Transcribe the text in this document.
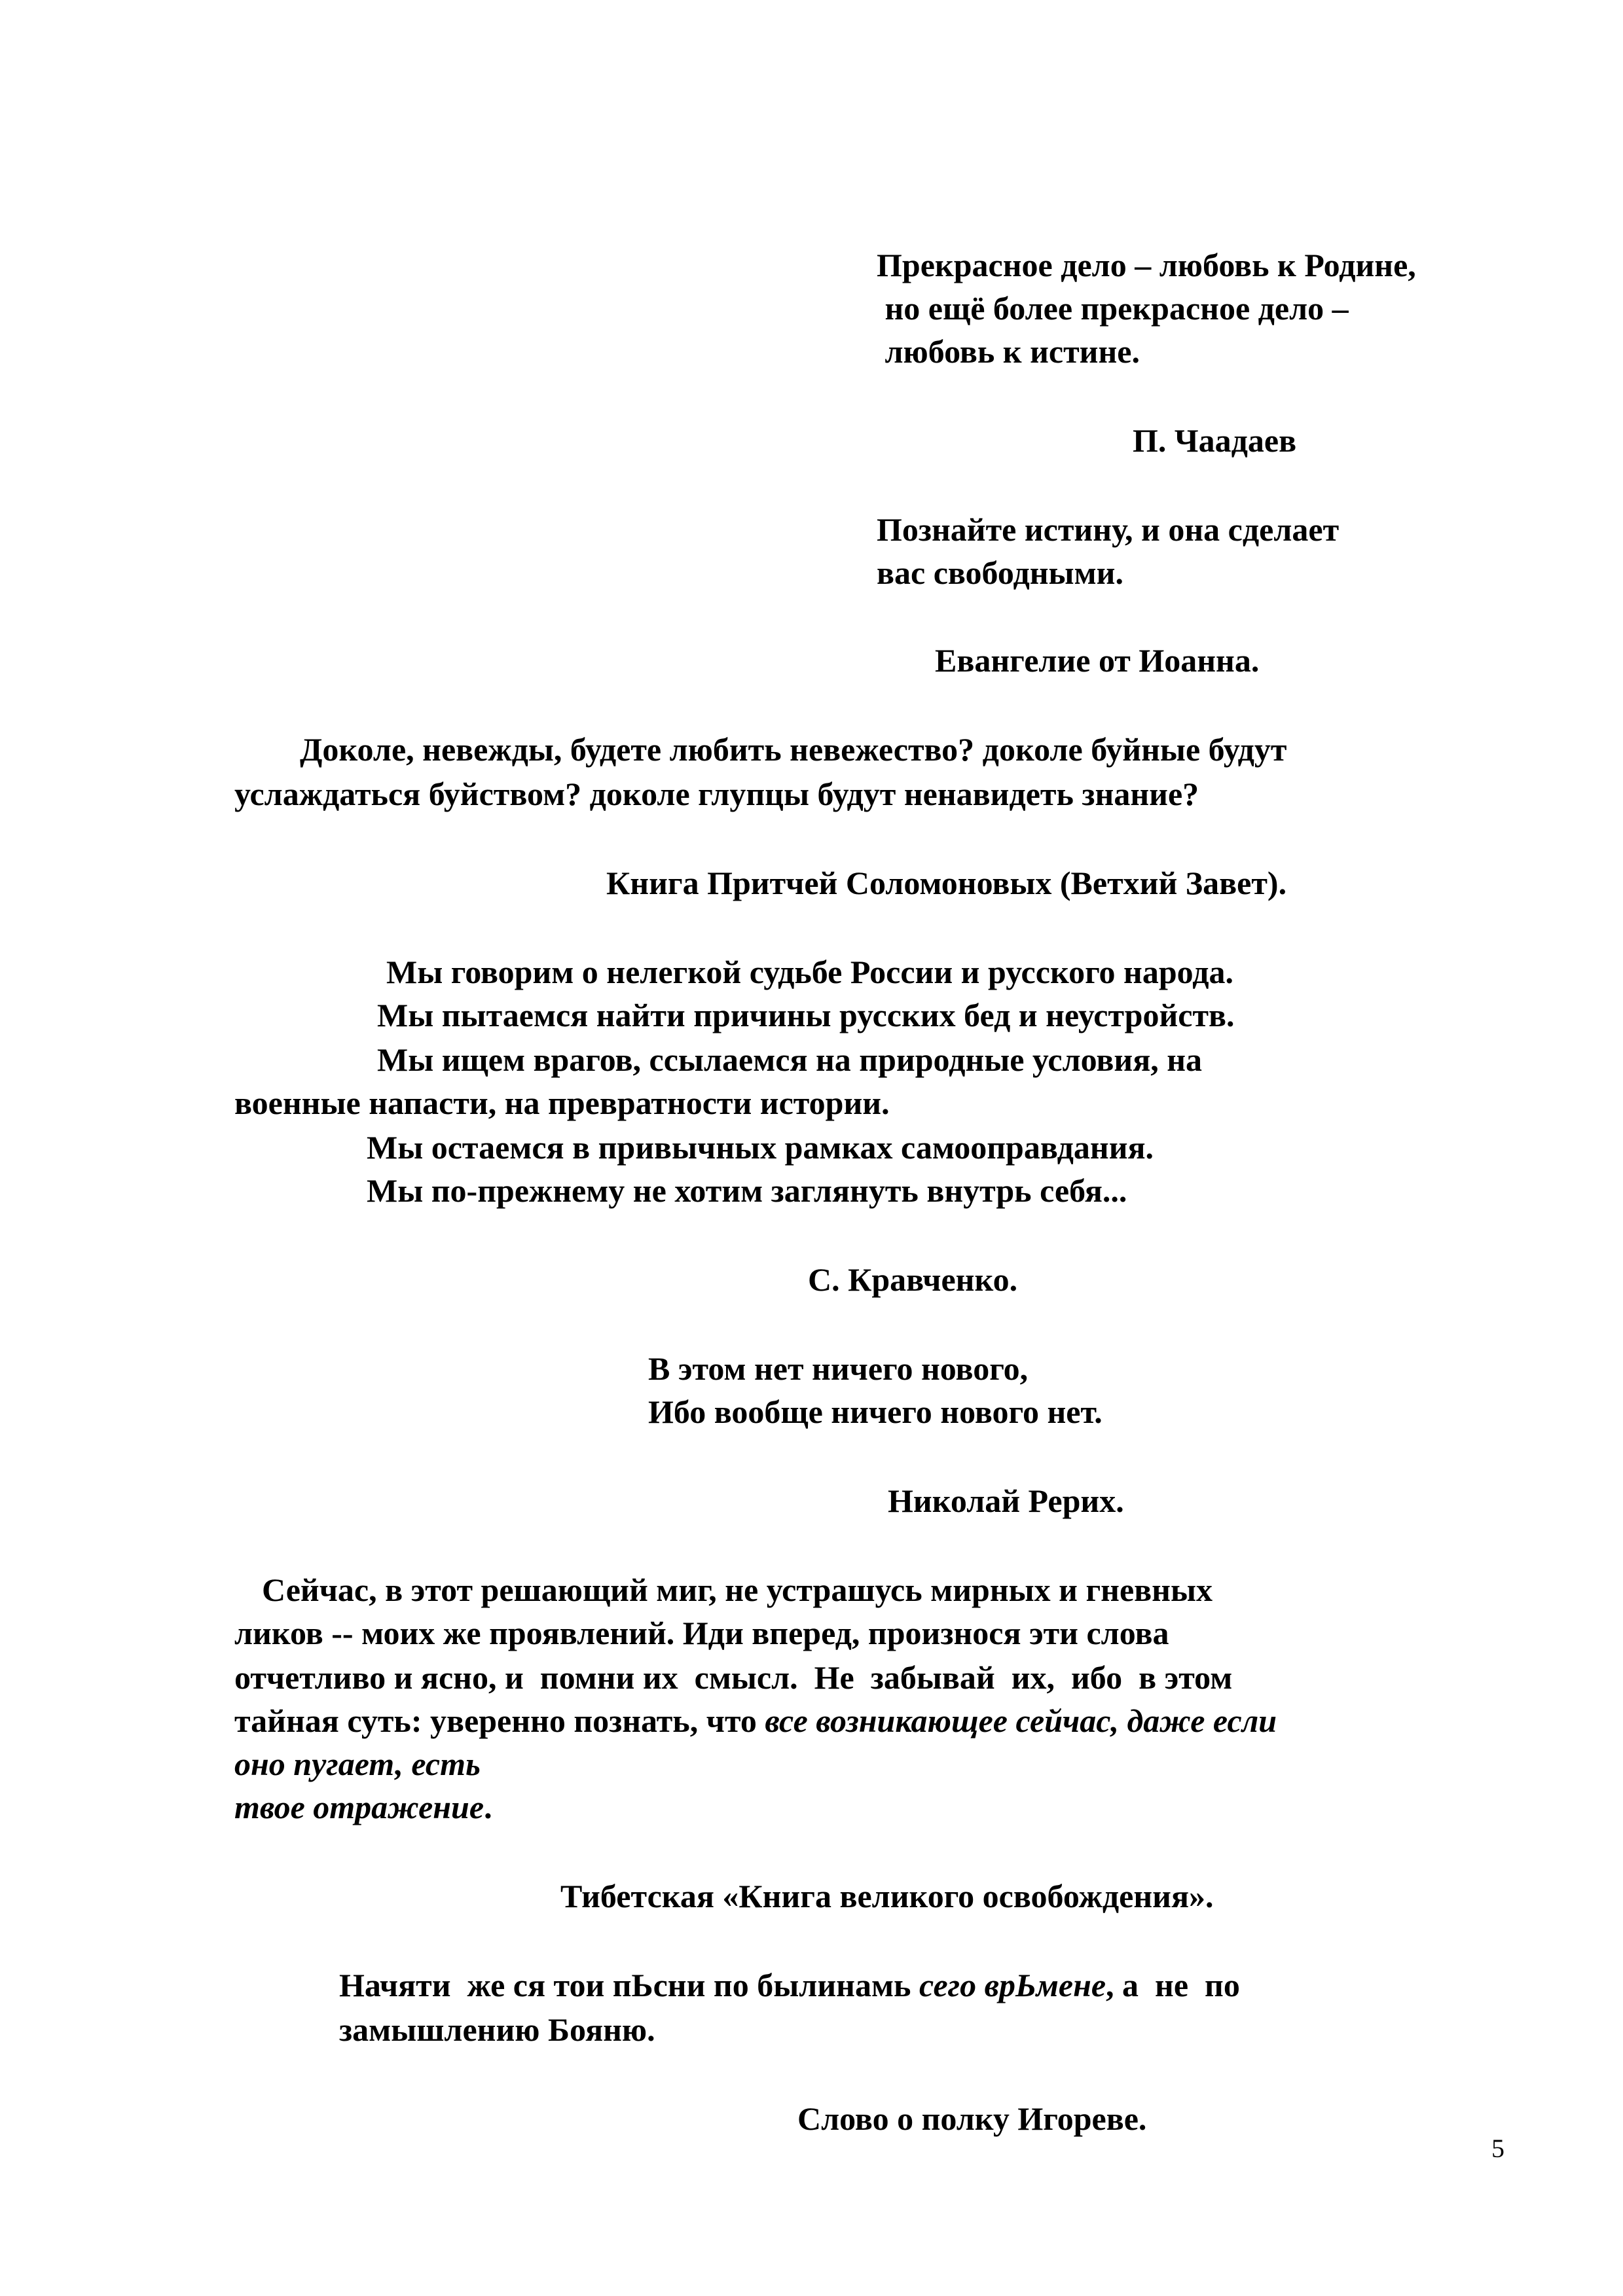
Прекрасное дело – любовь к Родине,
но ещё более прекрасное дело –
любовь к истине.
П. Чаадаев
Познайте истину, и она сделает
вас свободными.
Евангелие от Иоанна.
Доколе, невежды, будете любить невежество? доколе буйные будут
услаждаться буйством? доколе глупцы будут ненавидеть знание?
Книга Притчей Соломоновых (Ветхий Завет).
Мы говорим о нелегкой судьбе России и русского народа.
Мы пытаемся найти причины русских бед и неустройств.
Мы ищем врагов, ссылаемся на природные условия, на
военные напасти, на превратности истории.
Мы остаемся в привычных рамках самооправдания.
Мы по-прежнему не хотим заглянуть внутрь себя...
С. Кравченко.
В этом нет ничего нового,
Ибо вообще ничего нового нет.
Николай Рерих.
Сейчас, в этот решающий миг, не устрашусь мирных и гневных
ликов -- моих же проявлений. Иди вперед, произнося эти слова
отчетливо и ясно, и  помни их  смысл.  Не  забывай  их,  ибо  в этом
тайная суть: уверенно познать, что все возникающее сейчас, даже если
оно пугает, есть
твое отражение.
Тибетская «Книга великого освобождения».
Начяти  же ся тои пЬсни по былинамь сего врЬмене, а  не  по
замышлению Бояню.
Слово о полку Игореве.
5
